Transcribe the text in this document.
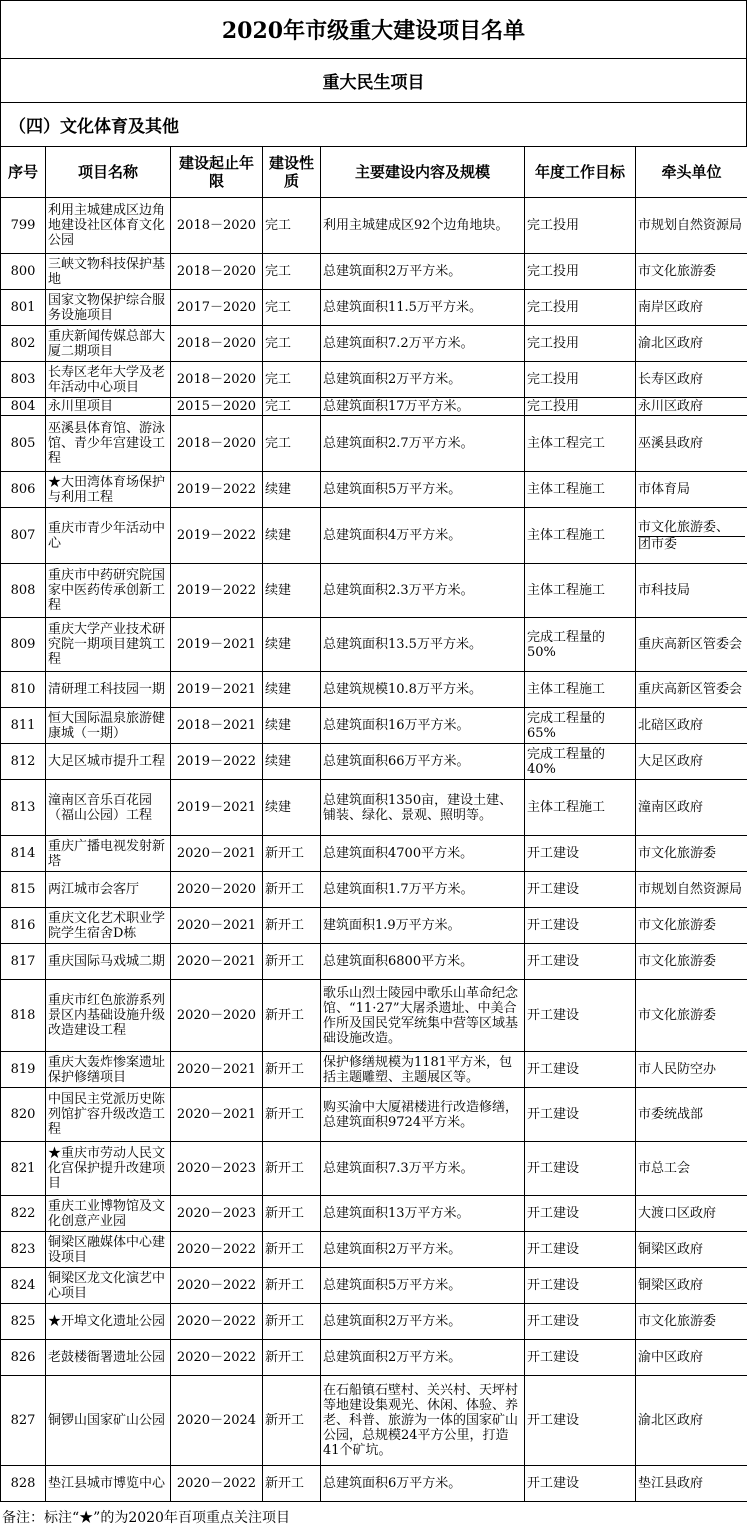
2020年市级重大建设项目名单
重大民生项目
（四）文化体育及其他
序号	项目名称	建设起止年限	建设性质	主要建设内容及规模	年度工作目标	牵头单位
799	利用主城建成区边角地建设社区体育文化公园	2018－2020	完工	利用主城建成区92个边角地块。	完工投用	市规划自然资源局
800	三峡文物科技保护基地	2018－2020	完工	总建筑面积2万平方米。	完工投用	市文化旅游委
801	国家文物保护综合服务设施项目	2017－2020	完工	总建筑面积11.5万平方米。	完工投用	南岸区政府
802	重庆新闻传媒总部大厦二期项目	2018－2020	完工	总建筑面积7.2万平方米。	完工投用	渝北区政府
803	长寿区老年大学及老年活动中心项目	2018－2020	完工	总建筑面积2万平方米。	完工投用	长寿区政府
804	永川里项目	2015－2020	完工	总建筑面积17万平方米。	完工投用	永川区政府
805	巫溪县体育馆、游泳馆、青少年宫建设工程	2018－2020	完工	总建筑面积2.7万平方米。	主体工程完工	巫溪县政府
806	★大田湾体育场保护与利用工程	2019－2022	续建	总建筑面积5万平方米。	主体工程施工	市体育局
807	重庆市青少年活动中心	2019－2022	续建	总建筑面积4万平方米。	主体工程施工	市文化旅游委、
团市委

808	重庆市中药研究院国家中医药传承创新工程	2019－2022	续建	总建筑面积2.3万平方米。	主体工程施工	市科技局
809	重庆大学产业技术研究院一期项目建筑工程	2019－2021	续建	总建筑面积13.5万平方米。	完成工程量的50%	重庆高新区管委会
810	清研理工科技园一期	2019－2021	续建	总建筑规模10.8万平方米。	主体工程施工	重庆高新区管委会
811	恒大国际温泉旅游健康城（一期）	2018－2021	续建	总建筑面积16万平方米。	完成工程量的65%	北碚区政府
812	大足区城市提升工程	2019－2022	续建	总建筑面积66万平方米。	完成工程量的40%	大足区政府
813	潼南区音乐百花园（福山公园）工程	2019－2021	续建	总建筑面积1350亩，建设土建、铺装、绿化、景观、照明等。	主体工程施工	潼南区政府
814	重庆广播电视发射新塔	2020－2021	新开工	总建筑面积4700平方米。	开工建设	市文化旅游委
815	两江城市会客厅	2020－2020	新开工	总建筑面积1.7万平方米。	开工建设	市规划自然资源局
816	重庆文化艺术职业学院学生宿舍D栋	2020－2021	新开工	建筑面积1.9万平方米。	开工建设	市文化旅游委
817	重庆国际马戏城二期	2020－2021	新开工	总建筑面积6800平方米。	开工建设	市文化旅游委
818	重庆市红色旅游系列景区内基础设施升级改造建设工程	2020－2020	新开工	歌乐山烈士陵园中歌乐山革命纪念馆、“11·27”大屠杀遗址、中美合作所及国民党军统集中营等区域基础设施改造。	开工建设	市文化旅游委
819	重庆大轰炸惨案遗址保护修缮项目	2020－2021	新开工	保护修缮规模为1181平方米，包括主题雕塑、主题展区等。	开工建设	市人民防空办
820	中国民主党派历史陈列馆扩容升级改造工程	2020－2021	新开工	购买渝中大厦裙楼进行改造修缮，总建筑面积9724平方米。	开工建设	市委统战部
821	★重庆市劳动人民文化宫保护提升改建项目	2020－2023	新开工	总建筑面积7.3万平方米。	开工建设	市总工会
822	重庆工业博物馆及文化创意产业园	2020－2023	新开工	总建筑面积13万平方米。	开工建设	大渡口区政府
823	铜梁区融媒体中心建设项目	2020－2022	新开工	总建筑面积2万平方米。	开工建设	铜梁区政府
824	铜梁区龙文化演艺中心项目	2020－2022	新开工	总建筑面积5万平方米。	开工建设	铜梁区政府
825	★开埠文化遗址公园	2020－2022	新开工	总建筑面积2万平方米。	开工建设	市文化旅游委
826	老鼓楼衙署遗址公园	2020－2022	新开工	总建筑面积2万平方米。	开工建设	渝中区政府
827	铜锣山国家矿山公园	2020－2024	新开工	在石船镇石壁村、关兴村、天坪村等地建设集观光、休闲、体验、养老、科普、旅游为一体的国家矿山公园，总规模24平方公里，打造41个矿坑。	开工建设	渝北区政府
828	垫江县城市博览中心	2020－2022	新开工	总建筑面积6万平方米。	开工建设	垫江县政府
备注：标注“★”的为2020年百项重点关注项目
